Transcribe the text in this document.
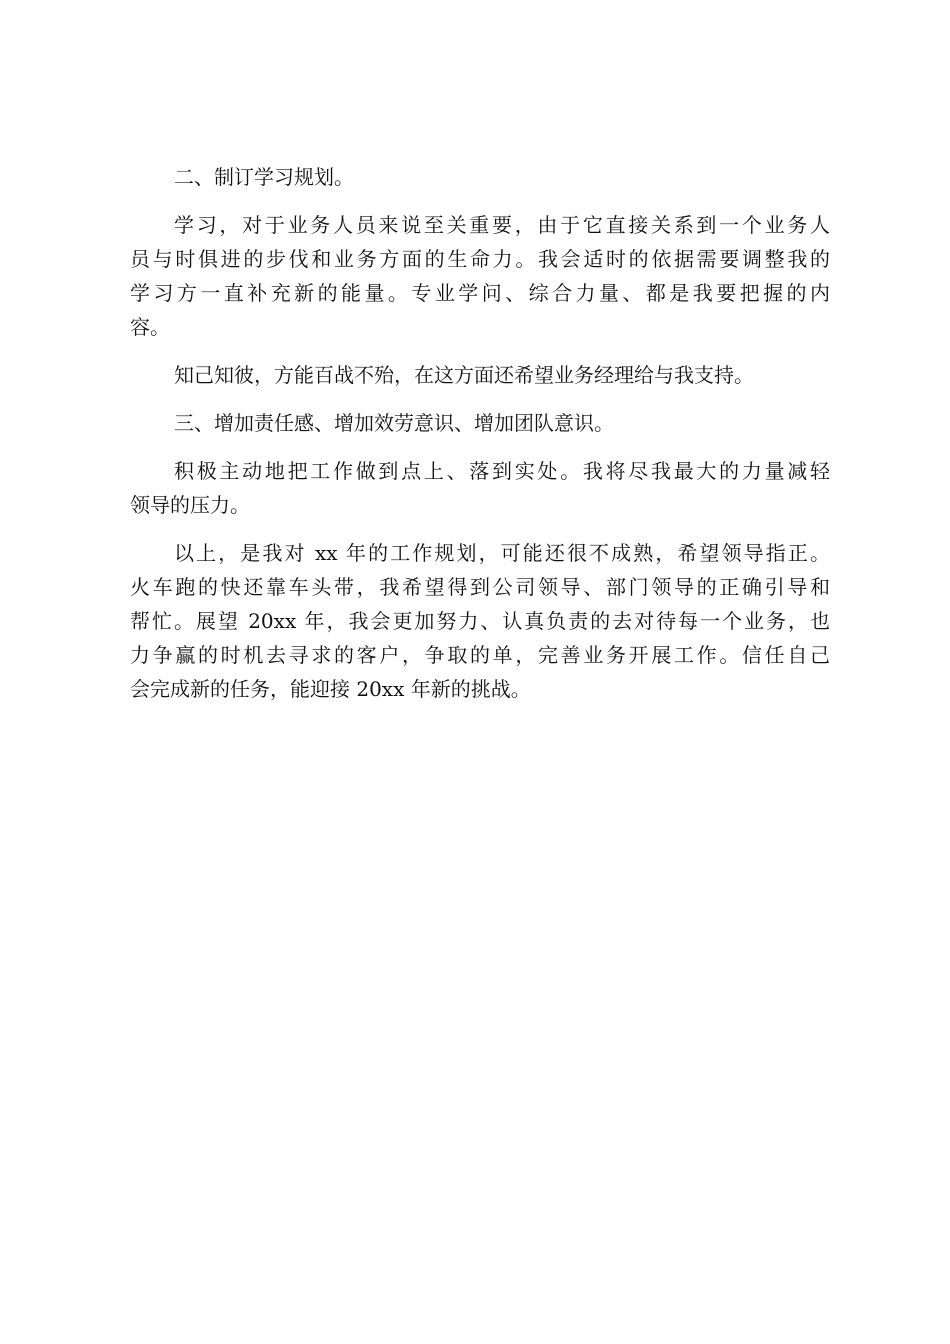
二、制订学习规划。
学习，对于业务人员来说至关重要，由于它直接关系到一个业务人
员与时俱进的步伐和业务方面的生命力。我会适时的依据需要调整我的
学习方一直补充新的能量。专业学问、综合力量、都是我要把握的内
容。
知己知彼，方能百战不殆，在这方面还希望业务经理给与我支持。
三、增加责任感、增加效劳意识、增加团队意识。
积极主动地把工作做到点上、落到实处。我将尽我最大的力量减轻
领导的压力。
以上，是我对 xx 年的工作规划，可能还很不成熟，希望领导指正。
火车跑的快还靠车头带，我希望得到公司领导、部门领导的正确引导和
帮忙。展望 20xx 年，我会更加努力、认真负责的去对待每一个业务，也
力争赢的时机去寻求的客户，争取的单，完善业务开展工作。信任自己
会完成新的任务，能迎接 20xx 年新的挑战。
